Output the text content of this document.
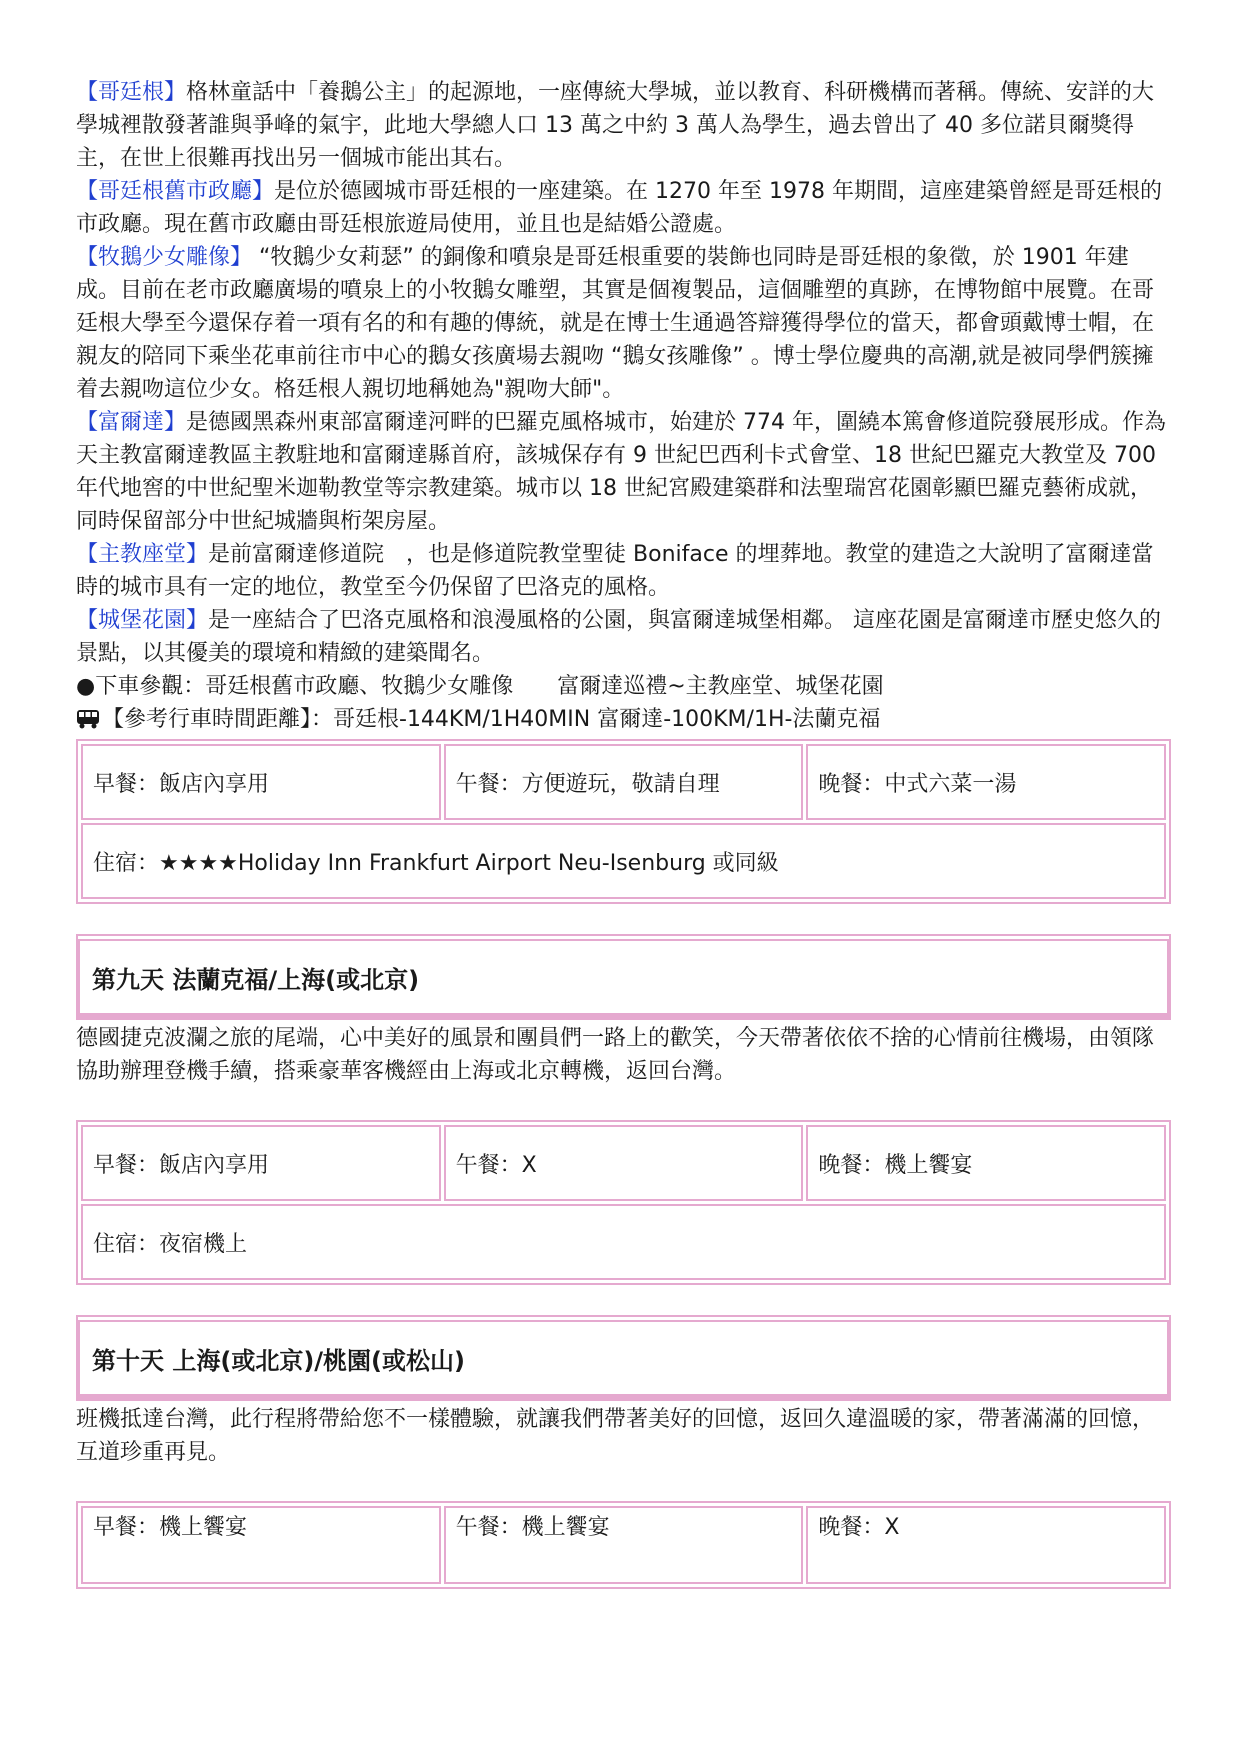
【哥廷根】格林童話中「養鵝公主」的起源地，一座傳統大學城，並以教育、科研機構而著稱。傳統、安詳的大學城裡散發著誰與爭峰的氣宇，此地大學總人口 13 萬之中約 3 萬人為學生，過去曾出了 40 多位諾貝爾獎得主，在世上很難再找出另一個城市能出其右。

【哥廷根舊市政廳】是位於德國城市哥廷根的一座建築。在 1270 年至 1978 年期間，這座建築曾經是哥廷根的市政廳。現在舊市政廳由哥廷根旅遊局使用，並且也是結婚公證處。

【牧鵝少女雕像】 “牧鵝少女莉瑟” 的銅像和噴泉是哥廷根重要的裝飾也同時是哥廷根的象徵，於 1901 年建成。目前在老市政廳廣場的噴泉上的小牧鵝女雕塑，其實是個複製品，這個雕塑的真跡，在博物館中展覽。在哥廷根大學至今還保存着一項有名的和有趣的傳統，就是在博士生通過答辯獲得學位的當天，都會頭戴博士帽，在親友的陪同下乘坐花車前往市中心的鵝女孩廣場去親吻 “鵝女孩雕像” 。博士學位慶典的高潮,就是被同學們簇擁着去親吻這位少女。格廷根人親切地稱她為"親吻大師"。

【富爾達】是德國黑森州東部富爾達河畔的巴羅克風格城市，始建於 774 年，圍繞本篤會修道院發展形成。作為天主教富爾達教區主教駐地和富爾達縣首府，該城保存有 9 世紀巴西利卡式會堂、18 世紀巴羅克大教堂及 700 年代地窖的中世紀聖米迦勒教堂等宗教建築。城市以 18 世紀宮殿建築群和法聖瑞宮花園彰顯巴羅克藝術成就，同時保留部分中世紀城牆與桁架房屋。

【主教座堂】是前富爾達修道院　，也是修道院教堂聖徒 Boniface 的埋葬地。教堂的建造之大說明了富爾達當時的城市具有一定的地位，教堂至今仍保留了巴洛克的風格。

【城堡花園】是一座結合了巴洛克風格和浪漫風格的公園，與富爾達城堡相鄰。 這座花園是富爾達市歷史悠久的景點，以其優美的環境和精緻的建築聞名。

●下車參觀：哥廷根舊市政廳、牧鵝少女雕像　　富爾達巡禮~主教座堂、城堡花園

【參考行車時間距離】：哥廷根-144KM/1H40MIN 富爾達-100KM/1H-法蘭克福

早餐：飯店內享用	午餐：方便遊玩，敬請自理	晚餐：中式六菜一湯
住宿：★★★★Holiday Inn Frankfurt Airport Neu-Isenburg 或同級
第九天 法蘭克福/上海(或北京)

德國捷克波瀾之旅的尾端，心中美好的風景和團員們一路上的歡笑，今天帶著依依不捨的心情前往機場，由領隊協助辦理登機手續，搭乘豪華客機經由上海或北京轉機，返回台灣。

早餐：飯店內享用	午餐：X	晚餐：機上饗宴
住宿：夜宿機上
第十天 上海(或北京)/桃園(或松山)

班機抵達台灣，此行程將帶給您不一樣體驗，就讓我們帶著美好的回憶，返回久違溫暖的家，帶著滿滿的回憶，互道珍重再見。

早餐：機上饗宴	午餐：機上饗宴	晚餐：X
